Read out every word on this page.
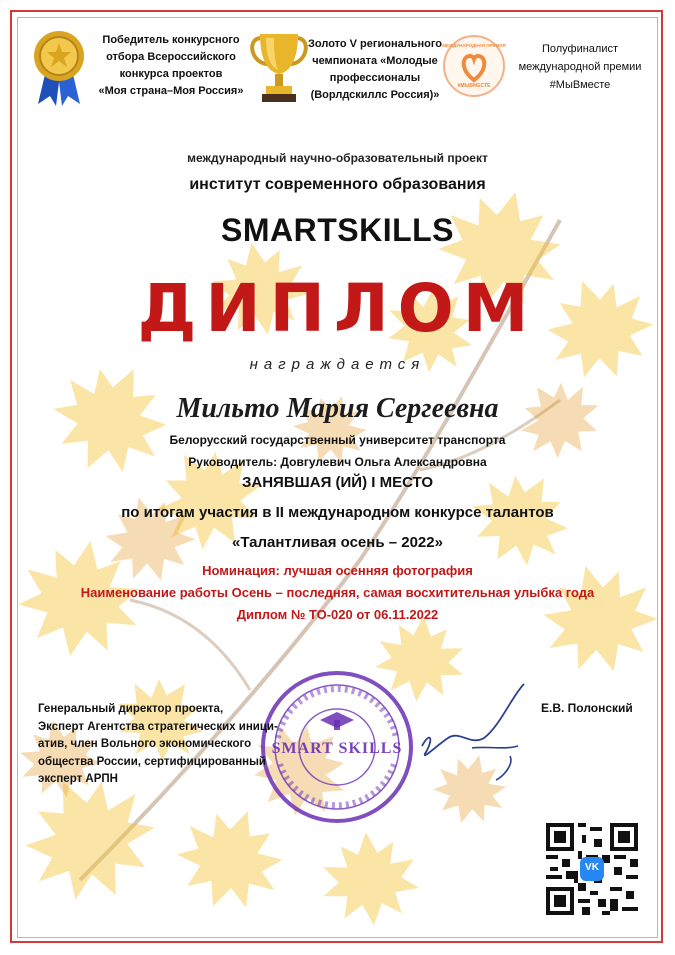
Победитель конкурсного
отбора Всероссийского
конкурса проектов
«Моя страна–Моя Россия»
Золото V регионального
чемпионата «Молодые
профессионалы
(Ворлдскиллс Россия)»
МЕЖДУНАРОДНАЯ ПРЕМИЯ
#МЫВМЕСТЕ
Полуфиналист
международной премии
#МыВместе
международный научно-образовательный проект
институт современного образования
SMARTSKILLS
ДИПЛОМ
награждается
Мильто Мария Сергеевна
Белорусский государственный университет транспорта
Руководитель: Довгулевич Ольга Александровна
ЗАНЯВШАЯ (ИЙ) I МЕСТО
по итогам участия в II международном конкурсе талантов
«Талантливая осень – 2022»
Номинация: лучшая осенняя фотография
Наименование работы Осень – последняя, самая восхитительная улыбка года
Диплом № ТО-020 от 06.11.2022
SMART SKILLS
Генеральный директор проекта,
Эксперт Агентства стратегических иници-
атив, член Вольного экономического
общества России, сертифицированный
эксперт АРПН
Е.В. Полонский
VK
